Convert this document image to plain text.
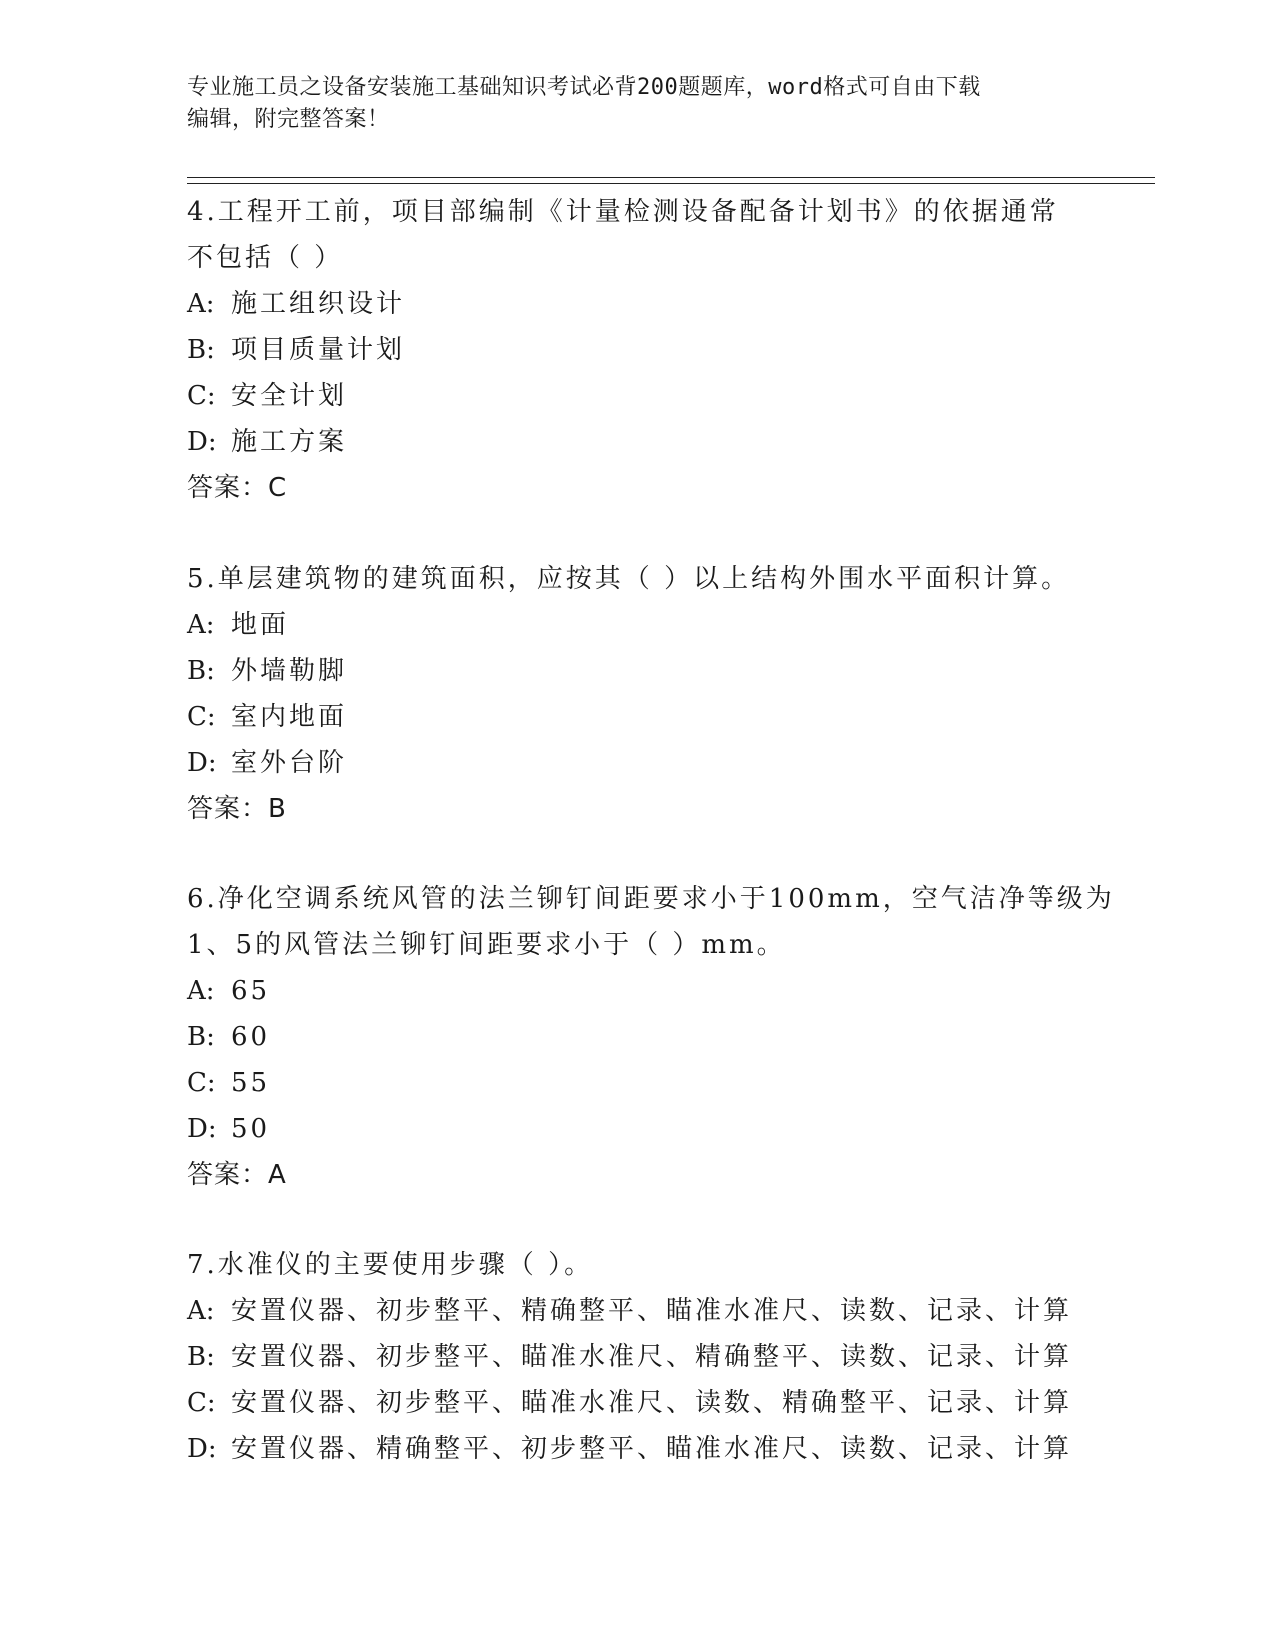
专业施工员之设备安装施工基础知识考试必背200题题库，word格式可自由下载
编辑，附完整答案！
4.工程开工前，项目部编制《计量检测设备配备计划书》的依据通常
不包括（ ）
A: 施工组织设计
B: 项目质量计划
C: 安全计划
D: 施工方案
答案：C
5.单层建筑物的建筑面积，应按其（ ）以上结构外围水平面积计算。
A: 地面
B: 外墙勒脚
C: 室内地面
D: 室外台阶
答案：B
6.净化空调系统风管的法兰铆钉间距要求小于100mm，空气洁净等级为
1、5的风管法兰铆钉间距要求小于（ ）mm。
A: 65
B: 60
C: 55
D: 50
答案：A
7.水准仪的主要使用步骤（ ）。
A: 安置仪器、初步整平、精确整平、瞄准水准尺、读数、记录、计算
B: 安置仪器、初步整平、瞄准水准尺、精确整平、读数、记录、计算
C: 安置仪器、初步整平、瞄准水准尺、读数、精确整平、记录、计算
D: 安置仪器、精确整平、初步整平、瞄准水准尺、读数、记录、计算
